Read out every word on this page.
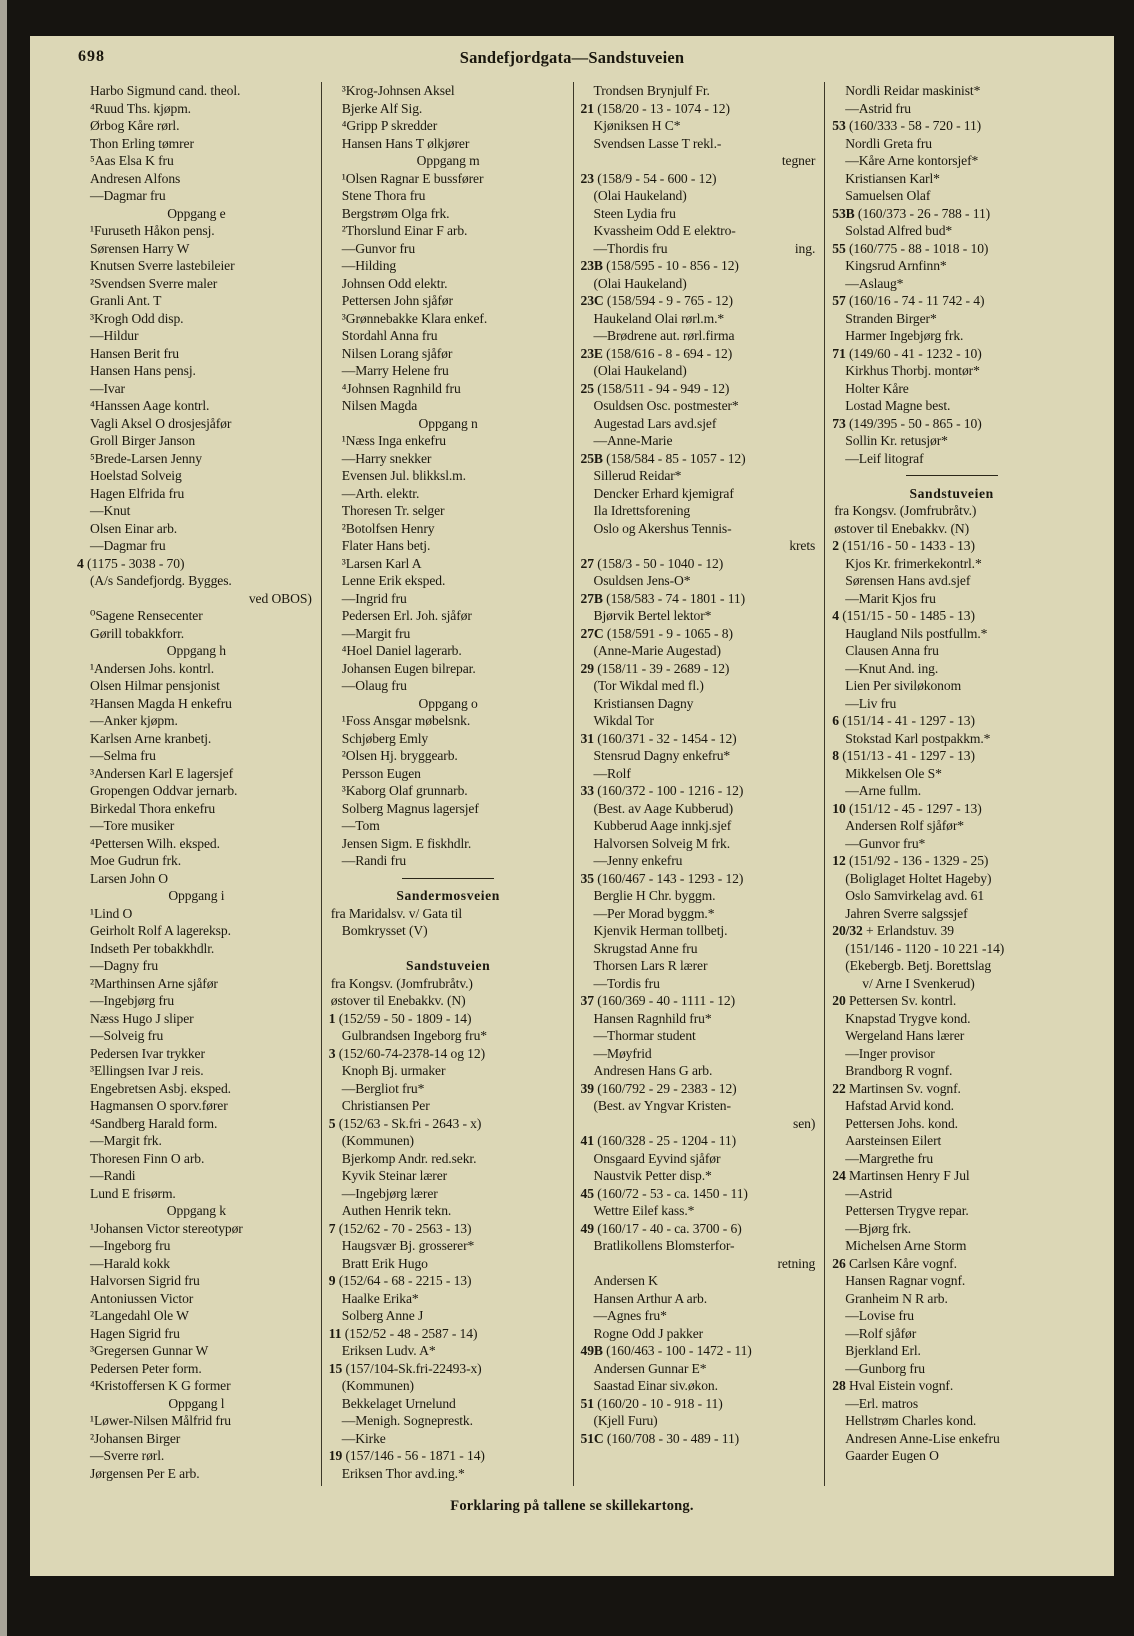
698	Sandefjordgata—Sandstuveien
Harbo Sigmund cand. theol.
⁴Ruud Ths. kjøpm.
Ørbog Kåre rørl.
Thon Erling tømrer
⁵Aas Elsa K fru
Andresen Alfons
—Dagmar fru
Oppgang e
¹Furuseth Håkon pensj.
Sørensen Harry W
Knutsen Sverre lastebileier
²Svendsen Sverre maler
Granli Ant. T
³Krogh Odd disp.
—Hildur
Hansen Berit fru
Hansen Hans pensj.
—Ivar
⁴Hanssen Aage kontrl.
Vagli Aksel O drosjesjåfør
Groll Birger Janson
⁵Brede-Larsen Jenny
Hoelstad Solveig
Hagen Elfrida fru
—Knut
Olsen Einar arb.
—Dagmar fru
4 (1175 - 3038 - 70)
(A/s Sandefjordg. Bygges.
ved OBOS)
⁰Sagene Rensecenter
Gørill tobakkforr.
Oppgang h
¹Andersen Johs. kontrl.
Olsen Hilmar pensjonist
²Hansen Magda H enkefru
—Anker kjøpm.
Karlsen Arne kranbetj.
—Selma fru
³Andersen Karl E lagersjef
Gropengen Oddvar jernarb.
Birkedal Thora enkefru
—Tore musiker
⁴Pettersen Wilh. eksped.
Moe Gudrun frk.
Larsen John O
Oppgang i
¹Lind O
Geirholt Rolf A lagereksp.
Indseth Per tobakkhdlr.
—Dagny fru
²Marthinsen Arne sjåfør
—Ingebjørg fru
Næss Hugo J sliper
—Solveig fru
Pedersen Ivar trykker
³Ellingsen Ivar J reis.
Engebretsen Asbj. eksped.
Hagmansen O sporv.fører
⁴Sandberg Harald form.
—Margit frk.
Thoresen Finn O arb.
—Randi
Lund E frisørm.
Oppgang k
¹Johansen Victor stereotypør
—Ingeborg fru
—Harald kokk
Halvorsen Sigrid fru
Antoniussen Victor
²Langedahl Ole W
Hagen Sigrid fru
³Gregersen Gunnar W
Pedersen Peter form.
⁴Kristoffersen K G former
Oppgang l
¹Løwer-Nilsen Målfrid fru
²Johansen Birger
—Sverre rørl.
Jørgensen Per E arb.
³Krog-Johnsen Aksel
Bjerke Alf Sig.
⁴Gripp P skredder
Hansen Hans T ølkjører
Oppgang m
¹Olsen Ragnar E bussfører
Stene Thora fru
Bergstrøm Olga frk.
²Thorslund Einar F arb.
—Gunvor fru
—Hilding
Johnsen Odd elektr.
Pettersen John sjåfør
³Grønnebakke Klara enkef.
Stordahl Anna fru
Nilsen Lorang sjåfør
—Marry Helene fru
⁴Johnsen Ragnhild fru
Nilsen Magda
Oppgang n
¹Næss Inga enkefru
—Harry snekker
Evensen Jul. blikksl.m.
—Arth. elektr.
Thoresen Tr. selger
²Botolfsen Henry
Flater Hans betj.
³Larsen Karl A
Lenne Erik eksped.
—Ingrid fru
Pedersen Erl. Joh. sjåfør
—Margit fru
⁴Hoel Daniel lagerarb.
Johansen Eugen bilrepar.
—Olaug fru
Oppgang o
¹Foss Ansgar møbelsnk.
Schjøberg Emly
²Olsen Hj. bryggearb.
Persson Eugen
³Kaborg Olaf grunnarb.
Solberg Magnus lagersjef
—Tom
Jensen Sigm. E fiskhdlr.
—Randi fru
Sandermosveien
fra Maridalsv. v/ Gata til
Bomkrysset (V)
Sandstuveien
fra Kongsv. (Jomfrubråtv.)
østover til Enebakkv. (N)
1 (152/59 - 50 - 1809 - 14)
Gulbrandsen Ingeborg fru*
3 (152/60-74-2378-14 og 12)
Knoph Bj. urmaker
—Bergliot fru*
Christiansen Per
5 (152/63 - Sk.fri - 2643 - x)
(Kommunen)
Bjerkomp Andr. red.sekr.
Kyvik Steinar lærer
—Ingebjørg lærer
Authen Henrik tekn.
7 (152/62 - 70 - 2563 - 13)
Haugsvær Bj. grosserer*
Bratt Erik Hugo
9 (152/64 - 68 - 2215 - 13)
Haalke Erika*
Solberg Anne J
11 (152/52 - 48 - 2587 - 14)
Eriksen Ludv. A*
15 (157/104-Sk.fri-22493-x)
(Kommunen)
Bekkelaget Urnelund
—Menigh. Sogneprestk.
—Kirke
19 (157/146 - 56 - 1871 - 14)
Eriksen Thor avd.ing.*
Trondsen Brynjulf Fr.
21 (158/20 - 13 - 1074 - 12)
Kjøniksen H C*
Svendsen Lasse T rekl.-
tegner
23 (158/9 - 54 - 600 - 12)
(Olai Haukeland)
Steen Lydia fru
Kvassheim Odd E elektro-
—Thordis fru	ing.
23B (158/595 - 10 - 856 - 12)
(Olai Haukeland)
23C (158/594 - 9 - 765 - 12)
Haukeland Olai rørl.m.*
—Brødrene aut. rørl.firma
23E (158/616 - 8 - 694 - 12)
(Olai Haukeland)
25 (158/511 - 94 - 949 - 12)
Osuldsen Osc. postmester*
Augestad Lars avd.sjef
—Anne-Marie
25B (158/584 - 85 - 1057 - 12)
Sillerud Reidar*
Dencker Erhard kjemigraf
Ila Idrettsforening
Oslo og Akershus Tennis-
krets
27 (158/3 - 50 - 1040 - 12)
Osuldsen Jens-O*
27B (158/583 - 74 - 1801 - 11)
Bjørvik Bertel lektor*
27C (158/591 - 9 - 1065 - 8)
(Anne-Marie Augestad)
29 (158/11 - 39 - 2689 - 12)
(Tor Wikdal med fl.)
Kristiansen Dagny
Wikdal Tor
31 (160/371 - 32 - 1454 - 12)
Stensrud Dagny enkefru*
—Rolf
33 (160/372 - 100 - 1216 - 12)
(Best. av Aage Kubberud)
Kubberud Aage innkj.sjef
Halvorsen Solveig M frk.
—Jenny enkefru
35 (160/467 - 143 - 1293 - 12)
Berglie H Chr. byggm.
—Per Morad byggm.*
Kjenvik Herman tollbetj.
Skrugstad Anne fru
Thorsen Lars R lærer
—Tordis fru
37 (160/369 - 40 - 1111 - 12)
Hansen Ragnhild fru*
—Thormar student
—Møyfrid
Andresen Hans G arb.
39 (160/792 - 29 - 2383 - 12)
(Best. av Yngvar Kristen-
sen)
41 (160/328 - 25 - 1204 - 11)
Onsgaard Eyvind sjåfør
Naustvik Petter disp.*
45 (160/72 - 53 - ca. 1450 - 11)
Wettre Eilef kass.*
49 (160/17 - 40 - ca. 3700 - 6)
Bratlikollens Blomsterfor-
retning
Andersen K
Hansen Arthur A arb.
—Agnes fru*
Rogne Odd J pakker
49B (160/463 - 100 - 1472 - 11)
Andersen Gunnar E*
Saastad Einar siv.økon.
51 (160/20 - 10 - 918 - 11)
(Kjell Furu)
51C (160/708 - 30 - 489 - 11)
Nordli Reidar maskinist*
—Astrid fru
53 (160/333 - 58 - 720 - 11)
Nordli Greta fru
—Kåre Arne kontorsjef*
Kristiansen Karl*
Samuelsen Olaf
53B (160/373 - 26 - 788 - 11)
Solstad Alfred bud*
55 (160/775 - 88 - 1018 - 10)
Kingsrud Arnfinn*
—Aslaug*
57 (160/16 - 74 - 11 742 - 4)
Stranden Birger*
Harmer Ingebjørg frk.
71 (149/60 - 41 - 1232 - 10)
Kirkhus Thorbj. montør*
Holter Kåre
Lostad Magne best.
73 (149/395 - 50 - 865 - 10)
Sollin Kr. retusjør*
—Leif litograf
Sandstuveien
fra Kongsv. (Jomfrubråtv.)
østover til Enebakkv. (N)
2 (151/16 - 50 - 1433 - 13)
Kjos Kr. frimerkekontrl.*
Sørensen Hans avd.sjef
—Marit Kjos fru
4 (151/15 - 50 - 1485 - 13)
Haugland Nils postfullm.*
Clausen Anna fru
—Knut And. ing.
Lien Per siviløkonom
—Liv fru
6 (151/14 - 41 - 1297 - 13)
Stokstad Karl postpakkm.*
8 (151/13 - 41 - 1297 - 13)
Mikkelsen Ole S*
—Arne fullm.
10 (151/12 - 45 - 1297 - 13)
Andersen Rolf sjåfør*
—Gunvor fru*
12 (151/92 - 136 - 1329 - 25)
(Boliglaget Holtet Hageby)
Oslo Samvirkelag avd. 61
Jahren Sverre salgssjef
20/32 + Erlandstuv. 39
(151/146 - 1120 - 10 221 -14)
(Ekebergb. Betj. Borettslag
v/ Arne I Svenkerud)
20 Pettersen Sv. kontrl.
Knapstad Trygve kond.
Wergeland Hans lærer
—Inger provisor
Brandborg R vognf.
22 Martinsen Sv. vognf.
Hafstad Arvid kond.
Pettersen Johs. kond.
Aarsteinsen Eilert
—Margrethe fru
24 Martinsen Henry F Jul
—Astrid
Pettersen Trygve repar.
—Bjørg frk.
Michelsen Arne Storm
26 Carlsen Kåre vognf.
Hansen Ragnar vognf.
Granheim N R arb.
—Lovise fru
—Rolf sjåfør
Bjerkland Erl.
—Gunborg fru
28 Hval Eistein vognf.
—Erl. matros
Hellstrøm Charles kond.
Andresen Anne-Lise enkefru
Gaarder Eugen O
Forklaring på tallene se skillekartong.
